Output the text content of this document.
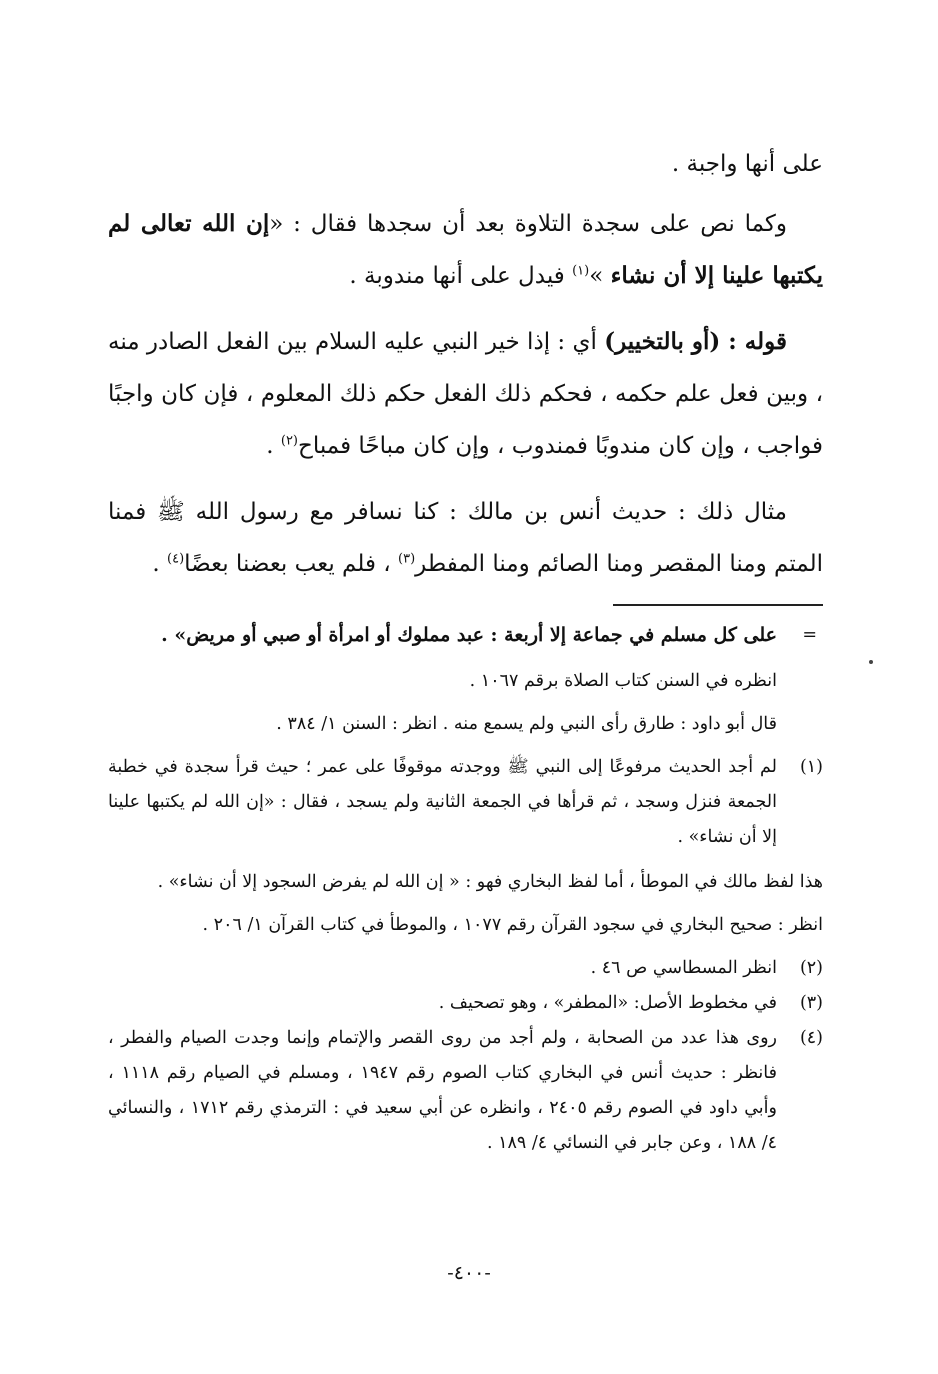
على أنها واجبة .

وكما نص على سجدة التلاوة بعد أن سجدها فقال : «إن الله تعالى لم يكتبها علينا إلا أن نشاء »$^{(١)}$ فيدل على أنها مندوبة .

قوله : (أو بالتخيير) أي : إذا خير النبي عليه السلام بين الفعل الصادر منه ، وبين فعل علم حكمه ، فحكم ذلك الفعل حكم ذلك المعلوم ، فإن كان واجبًا فواجب ، وإن كان مندوبًا فمندوب ، وإن كان مباحًا فمباح$^{(٢)}$ .

مثال ذلك : حديث أنس بن مالك : كنا نسافر مع رسول الله ﷺ فمنا المتم ومنا المقصر ومنا الصائم ومنا المفطر$^{(٣)}$ ، فلم يعب بعضنا بعضًا$^{(٤)}$ .

=
على كل مسلم في جماعة إلا أربعة : عبد مملوك أو امرأة أو صبي أو مريض» .

انظره في السنن كتاب الصلاة برقم ١٠٦٧ .

قال أبو داود : طارق رأى النبي ولم يسمع منه . انظر : السنن ١/ ٣٨٤ .

(١)
لم أجد الحديث مرفوعًا إلى النبي ﷺ ووجدته موقوفًا على عمر ؛ حيث قرأ سجدة في خطبة الجمعة فنزل وسجد ، ثم قرأها في الجمعة الثانية ولم يسجد ، فقال : «إن الله لم يكتبها علينا إلا أن نشاء» .

هذا لفظ مالك في الموطأ ، أما لفظ البخاري فهو : « إن الله لم يفرض السجود إلا أن نشاء» .

انظر : صحيح البخاري في سجود القرآن رقم ١٠٧٧ ، والموطأ في كتاب القرآن ١/ ٢٠٦ .

(٢)
انظر المسطاسي ص ٤٦ .
(٣)
في مخطوط الأصل: «المطفر» ، وهو تصحيف .
(٤)
روى هذا عدد من الصحابة ، ولم أجد من روى القصر والإتمام وإنما وجدت الصيام والفطر ، فانظر : حديث أنس في البخاري كتاب الصوم رقم ١٩٤٧ ، ومسلم في الصيام رقم ١١١٨ ، وأبي داود في الصوم رقم ٢٤٠٥ ، وانظره عن أبي سعيد في : الترمذي رقم ١٧١٢ ، والنسائي ٤/ ١٨٨ ، وعن جابر في النسائي ٤/ ١٨٩ .
-٤٠٠-
